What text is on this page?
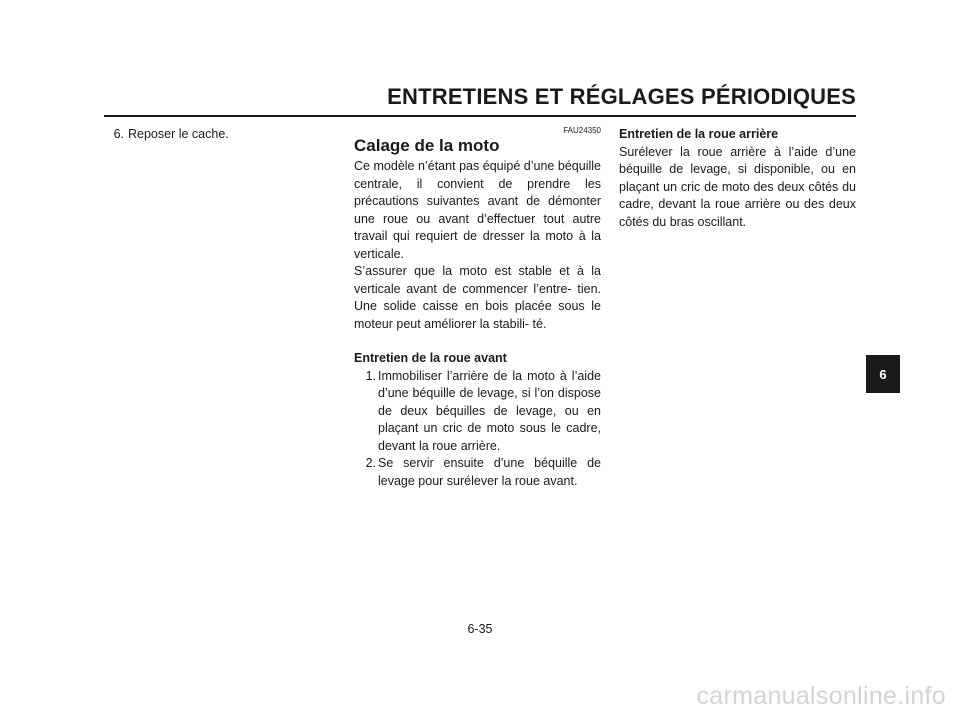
ENTRETIENS ET RÉGLAGES PÉRIODIQUES

6. Reposer le cache.	FAU24350
Calage de la moto

Ce modèle n’étant pas équipé d’une béquille centrale, il convient de prendre les précautions suivantes avant de démonter une roue ou avant d’effectuer tout autre travail qui requiert de dresser la moto à la verticale.

S’assurer que la moto est stable et à la verticale avant de commencer l’entre- tien. Une solide caisse en bois placée sous le moteur peut améliorer la stabili- té.

Entretien de la roue avant

1. Immobiliser l’arrière de la moto à l’aide d’une béquille de levage, si l’on dispose de deux béquilles de levage, ou en plaçant un cric de moto sous le cadre, devant la roue arrière.
2. Se servir ensuite d’une béquille de levage pour surélever la roue avant.

Entretien de la roue arrière

Surélever la roue arrière à l’aide d’une béquille de levage, si disponible, ou en plaçant un cric de moto des deux côtés du cadre, devant la roue arrière ou des deux côtés du bras oscillant.

6
6-35
carmanualsonline.info
